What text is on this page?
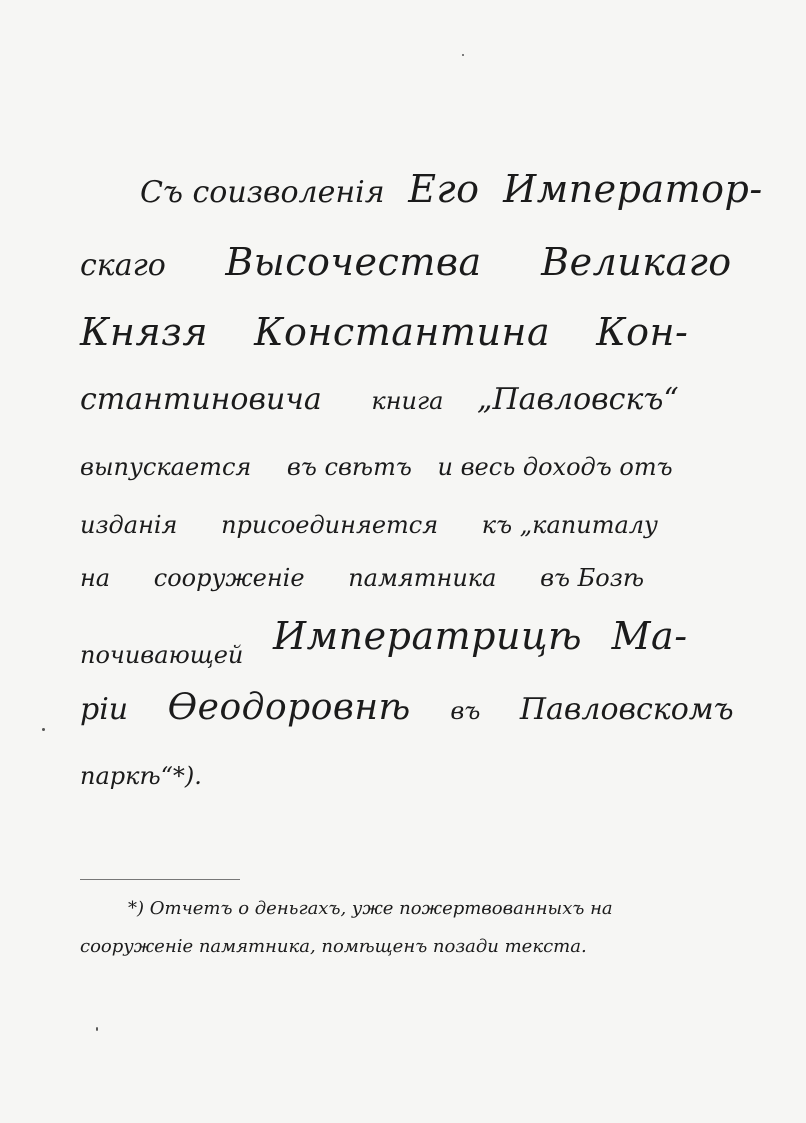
Съ соизволенія Его Император-
скаго Высочества Великаго
Князя Константина Кон-
стантиновича книга „Павловскъ“
выпускается въ свѣтъ и весь доходъ отъ
изданія присоединяется къ „капиталу
на сооруженіе памятника въ Бозѣ
почивающей Императрицѣ Ма-
ріи Ѳеодоровнѣ въ Павловскомъ
паркѣ“*).
*) Отчетъ о деньгахъ, уже пожертвованныхъ на
сооруженіе памятника, помѣщенъ позади текста.
